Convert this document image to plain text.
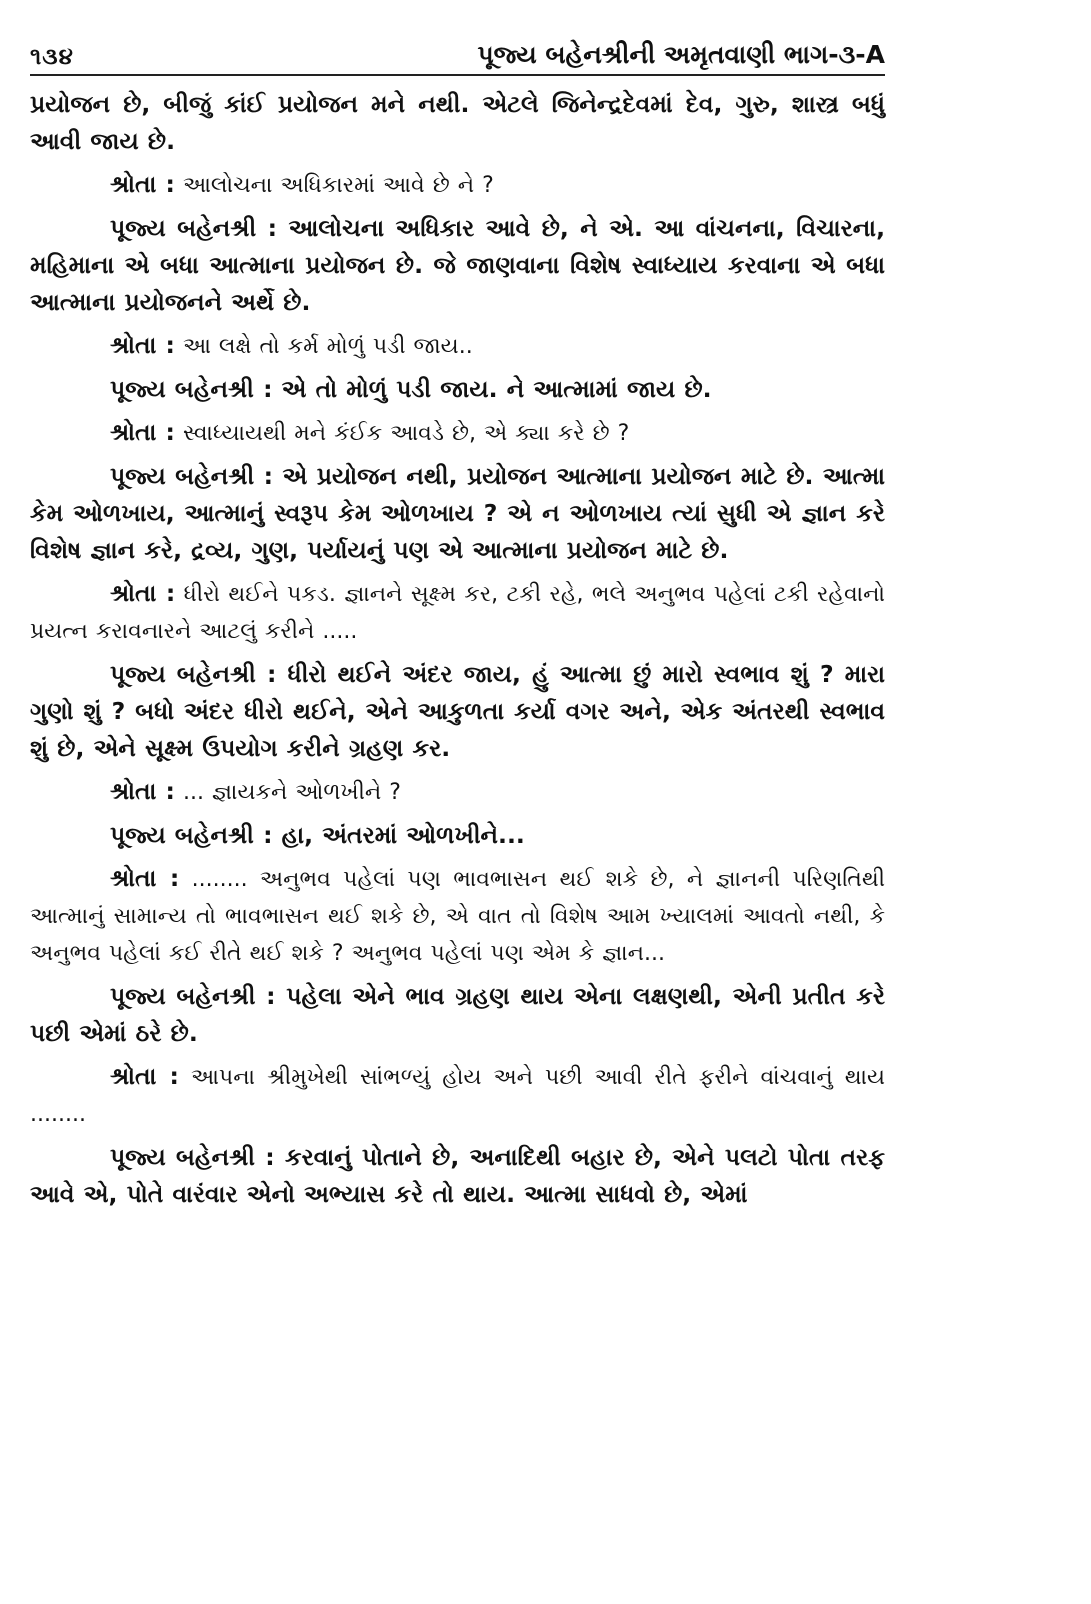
૧૩૪	પૂજ્ય બહેનશ્રીની અમૃતવાણી ભાગ-૩-A

પ્રયોજન છે, બીજું કાંઈ પ્રયોજન મને નથી. એટલે જિનેન્દ્રદેવમાં દેવ, ગુરુ, શાસ્ત્ર બધું આવી જાય છે.

શ્રોતા : આલોચના અધિકારમાં આવે છે ને ?

પૂજ્ય બહેનશ્રી : આલોચના અધિકાર આવે છે, ને એ. આ વાંચનના, વિચારના, મહિમાના એ બધા આત્માના પ્રયોજન છે. જે જાણવાના વિશેષ સ્વાધ્યાય કરવાના એ બધા આત્માના પ્રયોજનને અર્થે છે.

શ્રોતા : આ લક્ષે તો કર્મ મોળું પડી જાય..

પૂજ્ય બહેનશ્રી : એ તો મોળું પડી જાય. ને આત્મામાં જાય છે.

શ્રોતા : સ્વાધ્યાયથી મને કંઈક આવડે છે, એ ક્યા કરે છે ?

પૂજ્ય બહેનશ્રી : એ પ્રયોજન નથી, પ્રયોજન આત્માના પ્રયોજન માટે છે. આત્મા કેમ ઓળખાય, આત્માનું સ્વરૂપ કેમ ઓળખાય ? એ ન ઓળખાય ત્યાં સુધી એ જ્ઞાન કરે વિશેષ જ્ઞાન કરે, દ્રવ્ય, ગુણ, પર્યાયનું પણ એ આત્માના પ્રયોજન માટે છે.

શ્રોતા : ધીરો થઈને પકડ. જ્ઞાનને સૂક્ષ્મ કર, ટકી રહે, ભલે અનુભવ પહેલાં ટકી રહેવાનો પ્રયત્ન કરાવનારને આટલું કરીને .....

પૂજ્ય બહેનશ્રી : ધીરો થઈને અંદર જાય, હું આત્મા છું મારો સ્વભાવ શું ? મારા ગુણો શું ? બધો અંદર ધીરો થઈને, એને આકુળતા કર્યા વગર અને, એક અંતરથી સ્વભાવ શું છે, એને સૂક્ષ્મ ઉપયોગ કરીને ગ્રહણ કર.

શ્રોતા : ... જ્ઞાયકને ઓળખીને ?

પૂજ્ય બહેનશ્રી : હા, અંતરમાં ઓળખીને...

શ્રોતા : ........ અનુભવ પહેલાં પણ ભાવભાસન થઈ શકે છે, ને જ્ઞાનની પરિણતિથી આત્માનું સામાન્ય તો ભાવભાસન થઈ શકે છે, એ વાત તો વિશેષ આમ ખ્યાલમાં આવતો નથી, કે અનુભવ પહેલાં કઈ રીતે થઈ શકે ? અનુભવ પહેલાં પણ એમ કે જ્ઞાન...

પૂજ્ય બહેનશ્રી : પહેલા એને ભાવ ગ્રહણ થાય એના લક્ષણથી, એની પ્રતીત કરે પછી એમાં ઠરે છે.

શ્રોતા : આપના શ્રીમુખેથી સાંભળ્યું હોય અને પછી આવી રીતે ફરીને વાંચવાનું થાય ........

પૂજ્ય બહેનશ્રી : કરવાનું પોતાને છે, અનાદિથી બહાર છે, એને પલટો પોતા તરફ આવે એ, પોતે વારંવાર એનો અભ્યાસ કરે તો થાય. આત્મા સાધવો છે, એમાં
